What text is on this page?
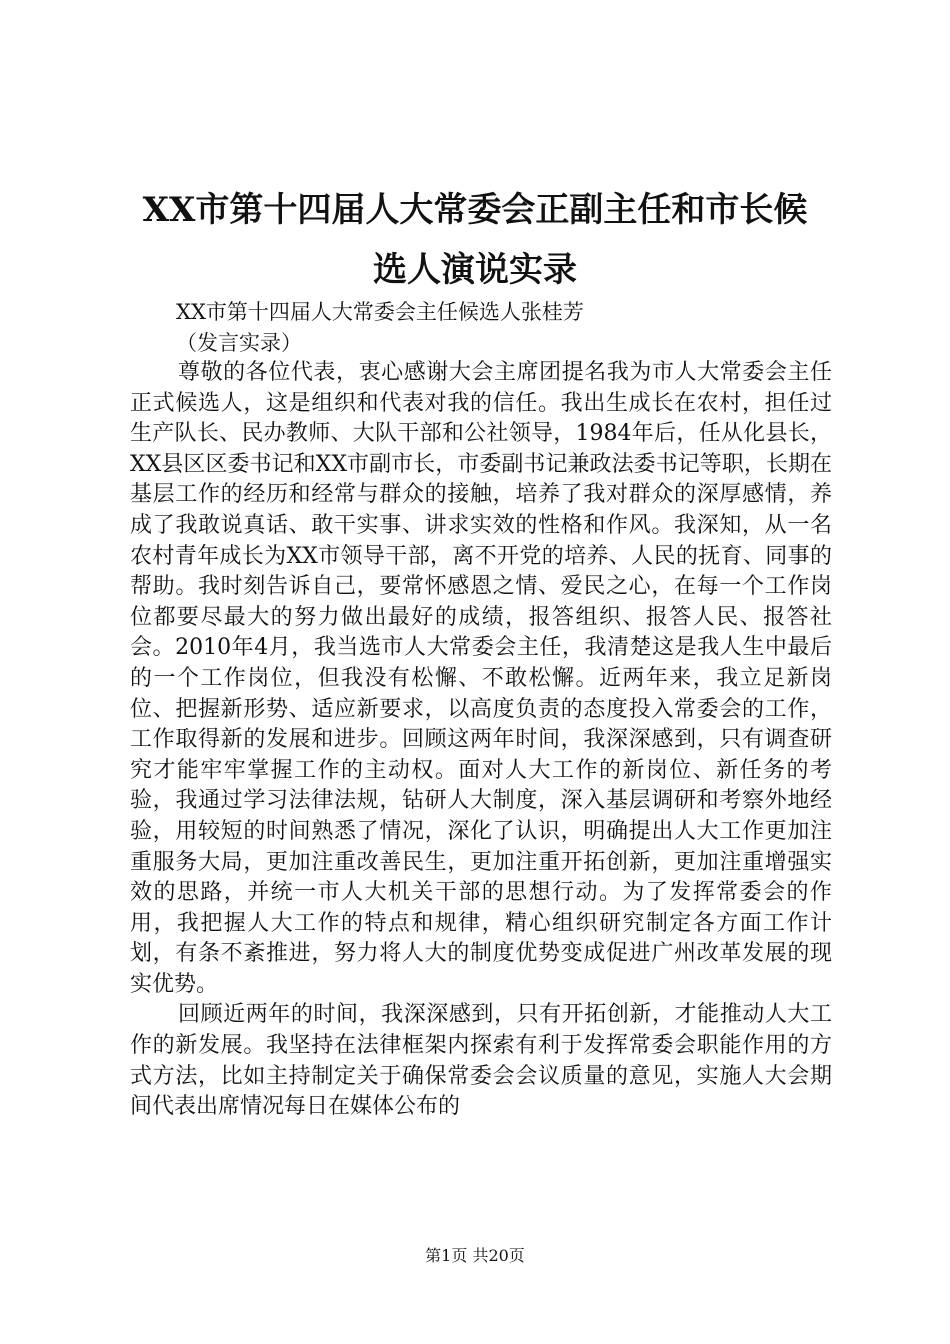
XX市第十四届人大常委会正副主任和市长候
选人演说实录
XX市第十四届人大常委会主任候选人张桂芳
（发言实录）

尊敬的各位代表，衷心感谢大会主席团提名我为市人大常委会主任正式候选人，这是组织和代表对我的信任。我出生成长在农村，担任过生产队长、民办教师、大队干部和公社领导，1984年后，任从化县长，XX县区区委书记和XX市副市长，市委副书记兼政法委书记等职，长期在基层工作的经历和经常与群众的接触，培养了我对群众的深厚感情，养成了我敢说真话、敢干实事、讲求实效的性格和作风。我深知，从一名农村青年成长为XX市领导干部，离不开党的培养、人民的抚育、同事的帮助。我时刻告诉自己，要常怀感恩之情、爱民之心，在每一个工作岗位都要尽最大的努力做出最好的成绩，报答组织、报答人民、报答社会。2010年4月，我当选市人大常委会主任，我清楚这是我人生中最后的一个工作岗位，但我没有松懈、不敢松懈。近两年来，我立足新岗位、把握新形势、适应新要求，以高度负责的态度投入常委会的工作，工作取得新的发展和进步。回顾这两年时间，我深深感到，只有调查研究才能牢牢掌握工作的主动权。面对人大工作的新岗位、新任务的考验，我通过学习法律法规，钻研人大制度，深入基层调研和考察外地经验，用较短的时间熟悉了情况，深化了认识，明确提出人大工作更加注重服务大局，更加注重改善民生，更加注重开拓创新，更加注重增强实效的思路，并统一市人大机关干部的思想行动。为了发挥常委会的作用，我把握人大工作的特点和规律，精心组织研究制定各方面工作计划，有条不紊推进，努力将人大的制度优势变成促进广州改革发展的现实优势。

回顾近两年的时间，我深深感到，只有开拓创新，才能推动人大工作的新发展。我坚持在法律框架内探索有利于发挥常委会职能作用的方式方法，比如主持制定关于确保常委会会议质量的意见，实施人大会期间代表出席情况每日在媒体公布的

第1页 共20页
